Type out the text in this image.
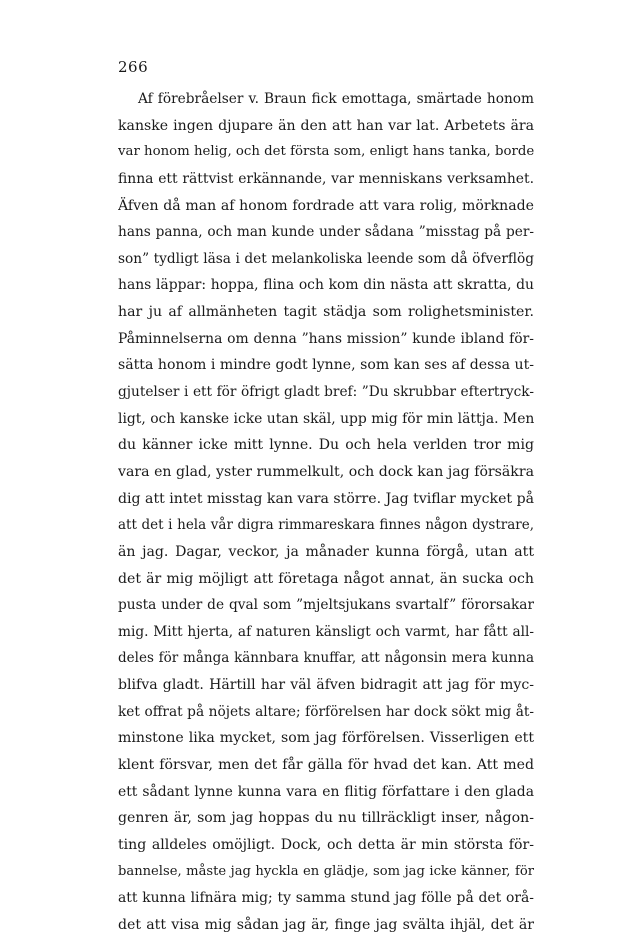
266
Af förebråelser v. Braun fick emottaga, smärtade honom
kanske ingen djupare än den att han var lat. Arbetets ära
var honom helig, och det första som, enligt hans tanka, borde
finna ett rättvist erkännande, var menniskans verksamhet.
Äfven då man af honom fordrade att vara rolig, mörknade
hans panna, och man kunde under sådana ”misstag på per-
son” tydligt läsa i det melankoliska leende som då öfverflög
hans läppar: hoppa, flina och kom din nästa att skratta, du
har ju af allmänheten tagit städja som rolighetsminister.
Påminnelserna om denna ”hans mission” kunde ibland för-
sätta honom i mindre godt lynne, som kan ses af dessa ut-
gjutelser i ett för öfrigt gladt bref: ”Du skrubbar eftertryck-
ligt, och kanske icke utan skäl, upp mig för min lättja. Men
du känner icke mitt lynne. Du och hela verlden tror mig
vara en glad, yster rummelkult, och dock kan jag försäkra
dig att intet misstag kan vara större. Jag tviflar mycket på
att det i hela vår digra rimmareskara finnes någon dystrare,
än jag. Dagar, veckor, ja månader kunna förgå, utan att
det är mig möjligt att företaga något annat, än sucka och
pusta under de qval som ”mjeltsjukans svartalf” förorsakar
mig. Mitt hjerta, af naturen känsligt och varmt, har fått all-
deles för många kännbara knuffar, att någonsin mera kunna
blifva gladt. Härtill har väl äfven bidragit att jag för myc-
ket offrat på nöjets altare; förförelsen har dock sökt mig åt-
minstone lika mycket, som jag förförelsen. Visserligen ett
klent försvar, men det får gälla för hvad det kan. Att med
ett sådant lynne kunna vara en flitig författare i den glada
genren är, som jag hoppas du nu tillräckligt inser, någon-
ting alldeles omöjligt. Dock, och detta är min största för-
bannelse, måste jag hyckla en glädje, som jag icke känner, för
att kunna lifnära mig; ty samma stund jag fölle på det orå-
det att visa mig sådan jag är, finge jag svälta ihjäl, det är
